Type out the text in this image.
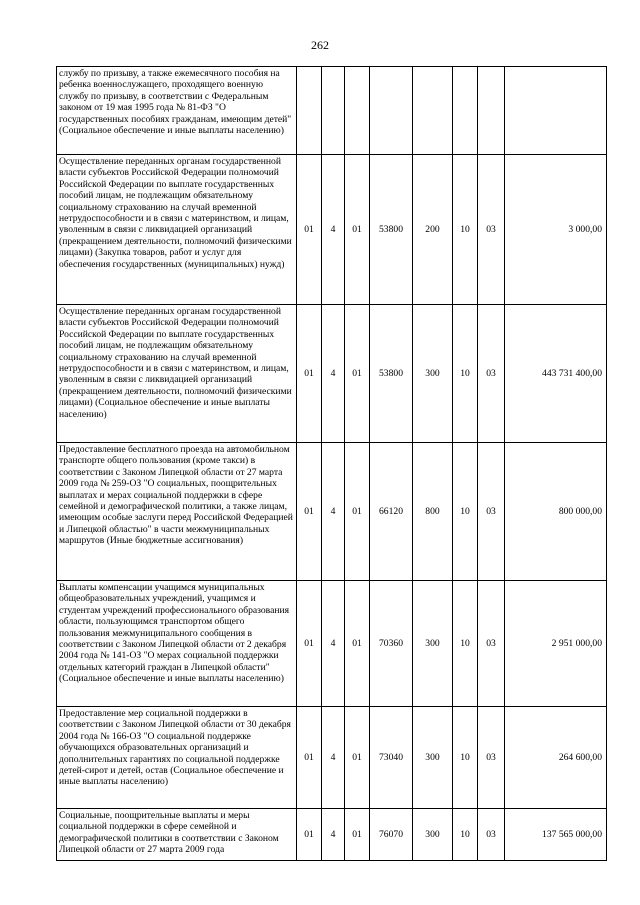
262
службу по призыву, а также ежемесячного пособия на ребенка военнослужащего, проходящего военную службу по призыву, в соответствии с Федеральным законом от 19 мая 1995 года № 81-ФЗ "О государственных пособиях гражданам, имеющим детей" (Социальное обеспечение и иные выплаты населению)								
Осуществление переданных органам государственной власти субъектов Российской Федерации полномочий Российской Федерации по выплате государственных пособий лицам, не подлежащим обязательному социальному страхованию на случай временной нетрудоспособности и в связи с материнством, и лицам, уволенным в связи с ликвидацией организаций (прекращением деятельности, полномочий физическими лицами) (Закупка товаров, работ и услуг для обеспечения государственных (муниципальных) нужд)	01	4	01	53800	200	10	03	3 000,00
Осуществление переданных органам государственной власти субъектов Российской Федерации полномочий Российской Федерации по выплате государственных пособий лицам, не подлежащим обязательному социальному страхованию на случай временной нетрудоспособности и в связи с материнством, и лицам, уволенным в связи с ликвидацией организаций (прекращением деятельности, полномочий физическими лицами) (Социальное обеспечение и иные выплаты населению)	01	4	01	53800	300	10	03	443 731 400,00
Предоставление бесплатного проезда на автомобильном транспорте общего пользования (кроме такси) в соответствии с Законом Липецкой области от 27 марта 2009 года № 259-ОЗ "О социальных, поощрительных выплатах и мерах социальной поддержки в сфере семейной и демографической политики, а также лицам, имеющим особые заслуги перед Российской Федерацией и Липецкой областью" в части межмуниципальных маршрутов (Иные бюджетные ассигнования)	01	4	01	66120	800	10	03	800 000,00
Выплаты компенсации учащимся муниципальных общеобразовательных учреждений, учащимся и студентам учреждений профессионального образования области, пользующимся транспортом общего пользования межмуниципального сообщения в соответствии с Законом Липецкой области от 2 декабря 2004 года № 141-ОЗ "О мерах социальной поддержки отдельных категорий граждан в Липецкой области" (Социальное обеспечение и иные выплаты населению)	01	4	01	70360	300	10	03	2 951 000,00
Предоставление мер социальной поддержки в соответствии с Законом Липецкой области от 30 декабря 2004 года № 166-ОЗ "О социальной поддержке обучающихся образовательных организаций и дополнительных гарантиях по социальной поддержке детей-сирот и детей, остав (Социальное обеспечение и иные выплаты населению)	01	4	01	73040	300	10	03	264 600,00
Социальные, поощрительные выплаты и меры социальной поддержки в сфере семейной и демографической политики в соответствии с Законом Липецкой области от 27 марта 2009 года	01	4	01	76070	300	10	03	137 565 000,00
